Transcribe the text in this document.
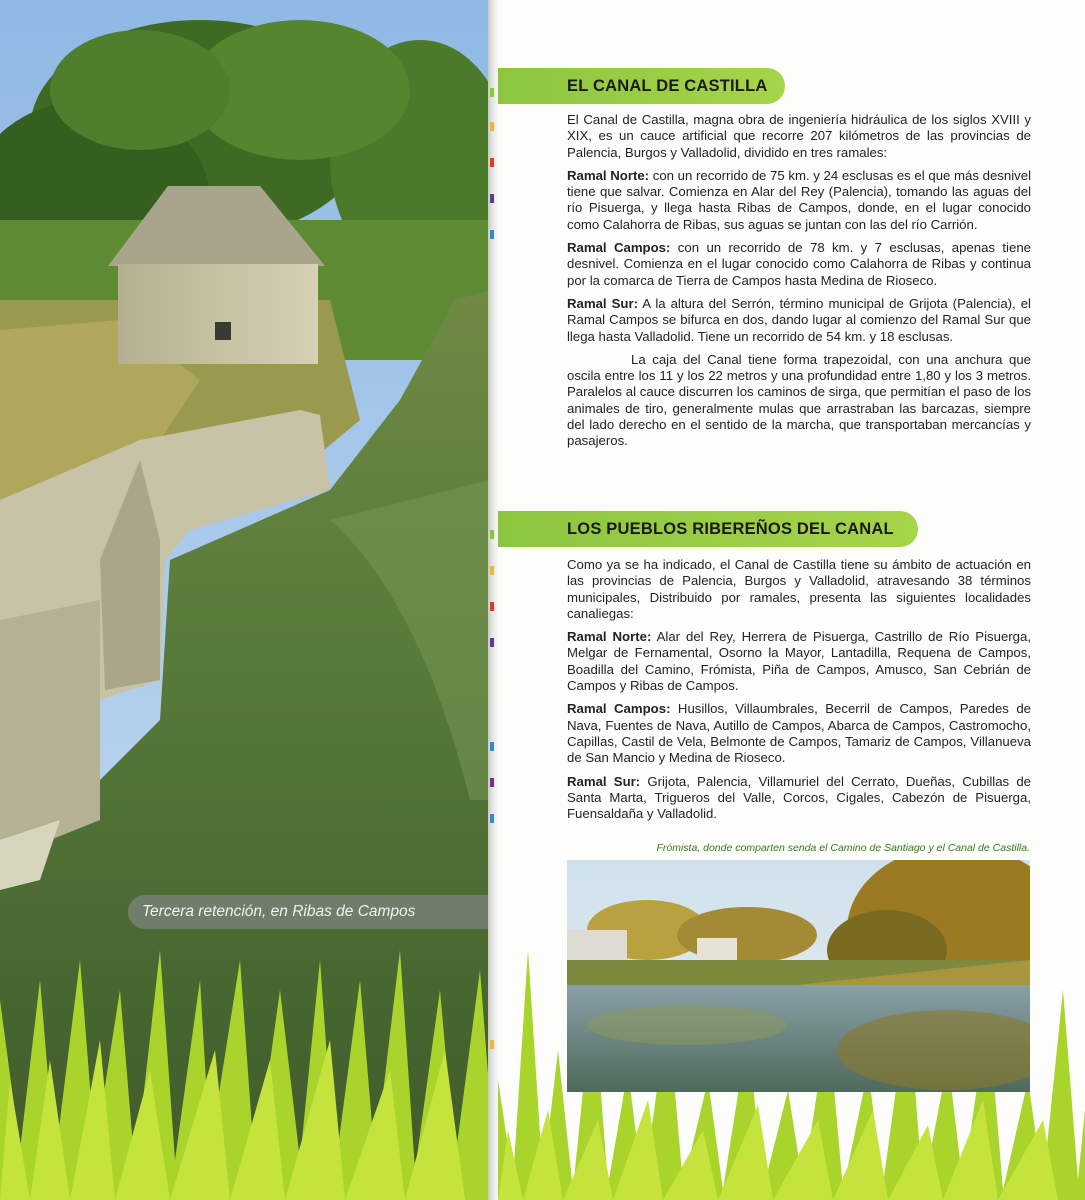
Tercera retención, en Ribas de Campos
EL CANAL DE CASTILLA

El Canal de Castilla, magna obra de ingeniería hidráulica de los siglos XVIII y XIX, es un cauce artificial que recorre 207 kilómetros de las provincias de Palencia, Burgos y Valladolid, dividido en tres ramales:

Ramal Norte: con un recorrido de 75 km. y 24 esclusas es el que más desnivel tiene que salvar. Comienza en Alar del Rey (Palencia), tomando las aguas del río Pisuerga, y llega hasta Ribas de Campos, donde, en el lugar conocido como Calahorra de Ribas, sus aguas se juntan con las del río Carrión.

Ramal Campos: con un recorrido de 78 km. y 7 esclusas, apenas tiene desnivel. Comienza en el lugar conocido como Calahorra de Ribas y continua por la comarca de Tierra de Campos hasta Medina de Rioseco.

Ramal Sur: A la altura del Serrón, término municipal de Grijota (Palencia), el Ramal Campos se bifurca en dos, dando lugar al comienzo del Ramal Sur que llega hasta Valladolid. Tiene un recorrido de 54 km. y 18 esclusas.

La caja del Canal tiene forma trapezoidal, con una anchura que oscila entre los 11 y los 22 metros y una profundidad entre 1,80 y los 3 metros. Paralelos al cauce discurren los caminos de sirga, que permitían el paso de los animales de tiro, generalmente mulas que arrastraban las barcazas, siempre del lado derecho en el sentido de la marcha, que transportaban mercancías y pasajeros.

LOS PUEBLOS RIBEREÑOS DEL CANAL

Como ya se ha indicado, el Canal de Castilla tiene su ámbito de actuación en las provincias de Palencia, Burgos y Valladolid, atravesando 38 términos municipales, Distribuido por ramales, presenta las siguientes localidades canaliegas:

Ramal Norte: Alar del Rey, Herrera de Pisuerga, Castrillo de Río Pisuerga, Melgar de Fernamental, Osorno la Mayor, Lantadilla, Requena de Campos, Boadilla del Camino, Frómista, Piña de Campos, Amusco, San Cebrián de Campos y Ribas de Campos.

Ramal Campos: Husillos, Villaumbrales, Becerril de Campos, Paredes de Nava, Fuentes de Nava, Autillo de Campos, Abarca de Campos, Castromocho, Capillas, Castil de Vela, Belmonte de Campos, Tamariz de Campos, Villanueva de San Mancio y Medina de Rioseco.

Ramal Sur: Grijota, Palencia, Villamuriel del Cerrato, Dueñas, Cubillas de Santa Marta, Trigueros del Valle, Corcos, Cigales, Cabezón de Pisuerga, Fuensaldaña y Valladolid.

Frómista, donde comparten senda el Camino de Santiago y el Canal de Castilla.
